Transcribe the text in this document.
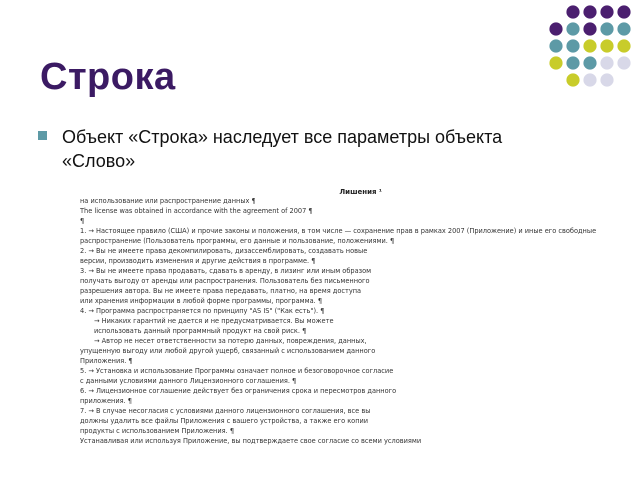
Строка
Объект «Строка» наследует все параметры объекта «Слово»
Лишения ¹
на использование или распространение данных ¶
The license was obtained in accordance with the agreement of 2007 ¶
¶
1. → Настоящее правило (США) и прочие законы и положения, в том числе — сохранение прав в рамках 2007 (Приложение) и иные его свободные
распространение (Пользователь программы, его данные и пользование, положениями. ¶
2. → Вы не имеете права декомпилировать, дизассемблировать, создавать новые
версии, производить изменения и другие действия в программе. ¶
3. → Вы не имеете права продавать, сдавать в аренду, в лизинг или иным образом
получать выгоду от аренды или распространения. Пользователь без письменного
разрешения автора. Вы не имеете права передавать, платно, на время доступа
или хранения информации в любой форме программы, программа. ¶
4. → Программа распространяется по принципу "AS IS" ("Как есть"). ¶
→ Никаких гарантий не дается и не предусматривается. Вы можете
использовать данный программный продукт на свой риск. ¶
→ Автор не несет ответственности за потерю данных, повреждения, данных,
упущенную выгоду или любой другой ущерб, связанный с использованием данного
Приложения. ¶
5. → Установка и использование Программы означает полное и безоговорочное согласие
с данными условиями данного Лицензионного соглашения. ¶
6. → Лицензионное соглашение действует без ограничения срока и пересмотров данного
приложения. ¶
7. → В случае несогласия с условиями данного лицензионного соглашения, все вы
должны удалить все файлы Приложения с вашего устройства, а также его копии
продукты с использованием Приложения. ¶
Устанавливая или используя Приложение, вы подтверждаете свое согласие со всеми условиями
